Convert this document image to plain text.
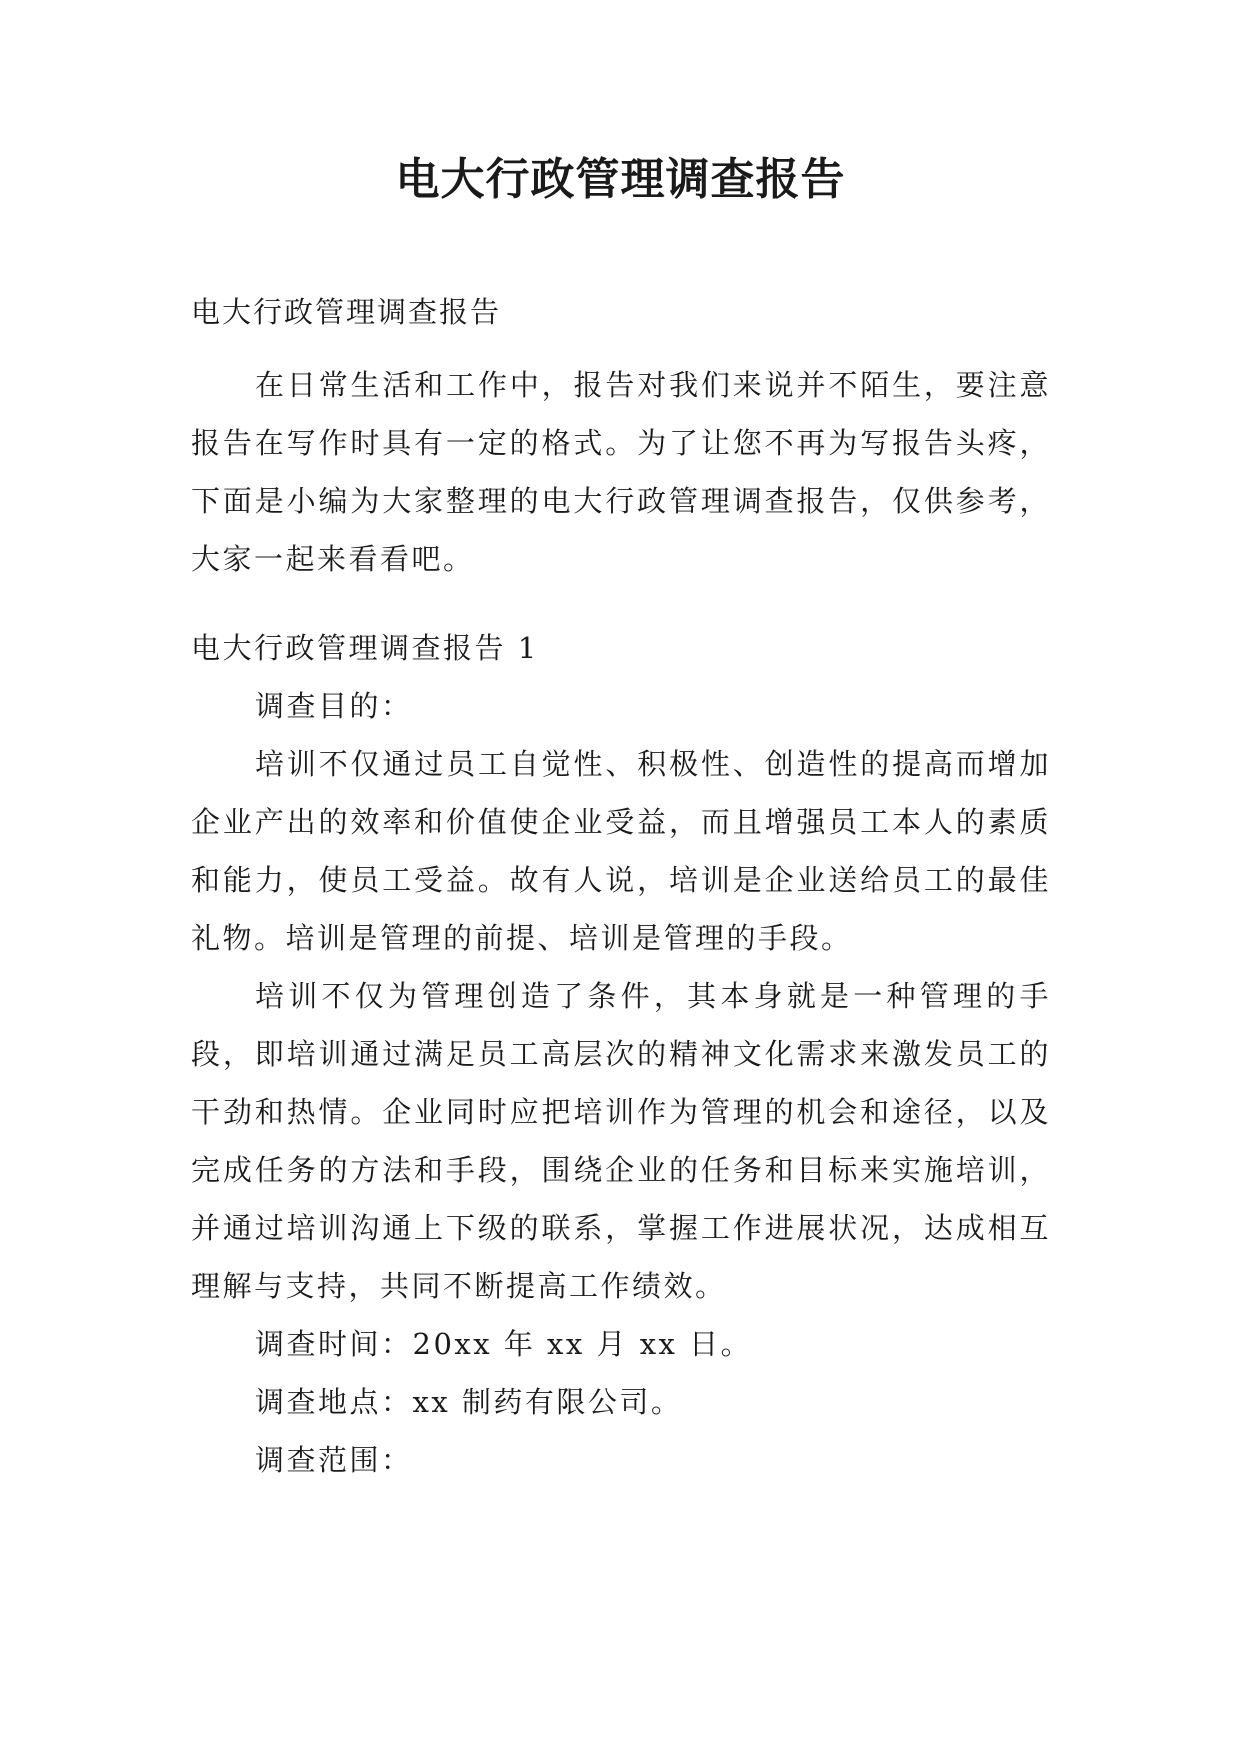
电大行政管理调查报告

电大行政管理调查报告

在日常生活和工作中，报告对我们来说并不陌生，要注意报告在写作时具有一定的格式。为了让您不再为写报告头疼，下面是小编为大家整理的电大行政管理调查报告，仅供参考，大家一起来看看吧。

电大行政管理调查报告 1

调查目的：

培训不仅通过员工自觉性、积极性、创造性的提高而增加企业产出的效率和价值使企业受益，而且增强员工本人的素质和能力，使员工受益。故有人说，培训是企业送给员工的最佳礼物。培训是管理的前提、培训是管理的手段。

培训不仅为管理创造了条件，其本身就是一种管理的手段，即培训通过满足员工高层次的精神文化需求来激发员工的干劲和热情。企业同时应把培训作为管理的机会和途径，以及完成任务的方法和手段，围绕企业的任务和目标来实施培训，并通过培训沟通上下级的联系，掌握工作进展状况，达成相互理解与支持，共同不断提高工作绩效。

调查时间：20xx 年 xx 月 xx 日。

调查地点：xx 制药有限公司。

调查范围：
